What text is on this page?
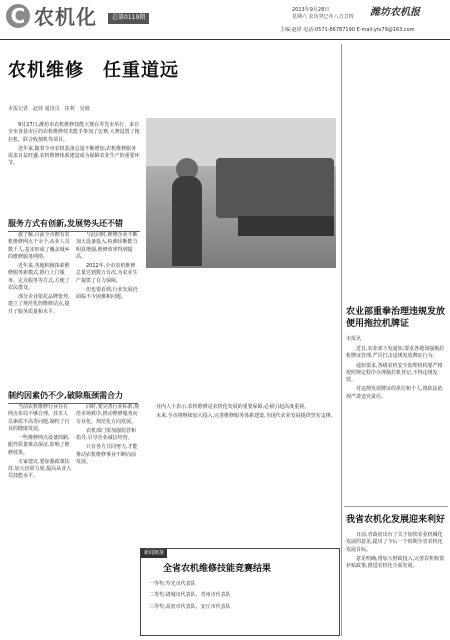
C 农机化	总第0119期
2013年9月28日
星期六 农历癸巳年八月廿四 潍坊农机报
主编:赵铎 电话:0571-86787190 E-mail:yts79@163.com
农机维修　任重道远
本报记者　赵铎 通讯员　崔利　吴刚

9月27日,潍坊市农机维修技能大赛在寿光市举行。来自全市各县市区的农机维修技术能手参加了比赛,大赛设置了拖拉机、联合收割机等项目。

近年来,随着全市农机装备总量不断增加,农机维修服务需求日益旺盛,农机维修体系建设成为保障农业生产的重要环节。

服务方式有创新,发展势头还不错

据了解,目前全市拥有农机维修网点千余个,从业人员数千人,基本形成了覆盖城乡的维修服务网络。

近年来,各地积极探索维修服务新模式,推行上门服务、定点服务等方式,方便了农民群众。

部分企业依托品牌优势,建立了规范化的维修站点,提升了服务质量和水平。

与此同时,维修企业不断加大设备投入,检测诊断能力明显增强,维修效率得到提高。

2012年,全市农机维修总量达到数万台次,为农业生产提供了有力保障。

但也要看到,行业发展仍面临不少困难和问题。

制约因素仍不少,破除瓶颈需合力

当前农机维修行业存在网点布局不够合理、技术人员素质不高等问题,制约了行业的健康发展。

一些维修网点设备简陋,配件质量难以保证,影响了维修效果。

专家建议,要加强政策扶持,加大培训力度,提高从业人员技能水平。

同时,要完善行业标准,规范市场秩序,推动维修服务向专业化、规范化方向发展。

农机部门要加强监管和指导,引导企业诚信经营。

只有各方共同努力,才能推动农机维修事业不断向前发展。

业内人士表示,农机维修是农机化发展的重要保障,必须引起高度重视。

未来,全市将继续加大投入,完善维修服务体系建设,为现代农业发展提供坚实支撑。

农业部重拳治理违规发放便用拖拉机牌证
本报讯

近日,农业部下发通知,要求各地加强拖拉机牌证管理,严厉打击违规发放牌证行为。

通知要求,各级农机安全监理机构要严格按照规定程序办理拖拉机登记,不得违规发放。

对违规发放牌证的单位和个人,将依法依规严肃追究责任。

我省农机化发展迎来利好

日前,省政府出台了关于加快农业机械化发展的意见,提出了今后一个时期全省农机化发展目标。

意见明确,将加大财政投入,完善农机购置补贴政策,推进农机化全面发展。

新闻链接
全省农机维修技能竞赛结果
一等奖:寿光市代表队
二等奖:诸城市代表队、青州市代表队
三等奖:高密市代表队、安丘市代表队
